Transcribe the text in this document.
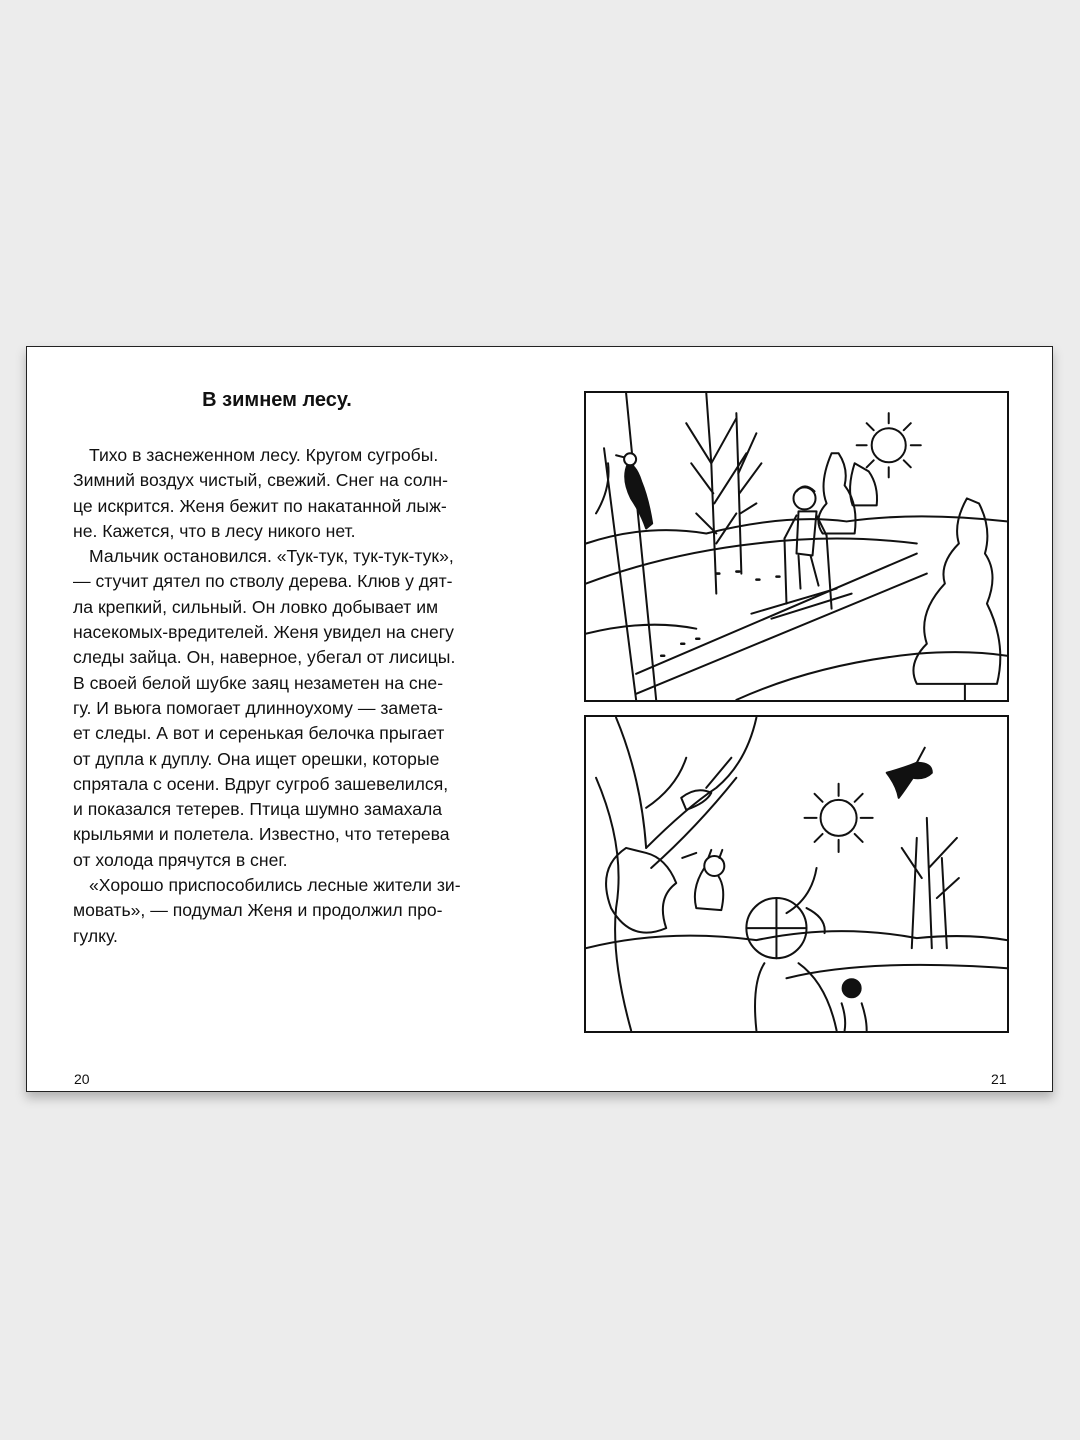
В зимнем лесу.

Тихо в заснеженном лесу. Кругом сугробы.
Зимний воздух чистый, свежий. Снег на солн-
це искрится. Женя бежит по накатанной лыж-
не. Кажется, что в лесу никого нет.

Мальчик остановился. «Тук-тук, тук-тук-тук»,
— стучит дятел по стволу дерева. Клюв у дят-
ла крепкий, сильный. Он ловко добывает им
насекомых-вредителей. Женя увидел на снегу
следы зайца. Он, наверное, убегал от лисицы.
В своей белой шубке заяц незаметен на сне-
гу. И вьюга помогает длинноухому — замета-
ет следы. А вот и серенькая белочка прыгает
от дупла к дуплу. Она ищет орешки, которые
спрятала с осени. Вдруг сугроб зашевелился,
и показался тетерев. Птица шумно замахала
крыльями и полетела. Известно, что тетерева
от холода прячутся в снег.

«Хорошо приспособились лесные жители зи-
мовать», — подумал Женя и продолжил про-
гулку.

20	21
